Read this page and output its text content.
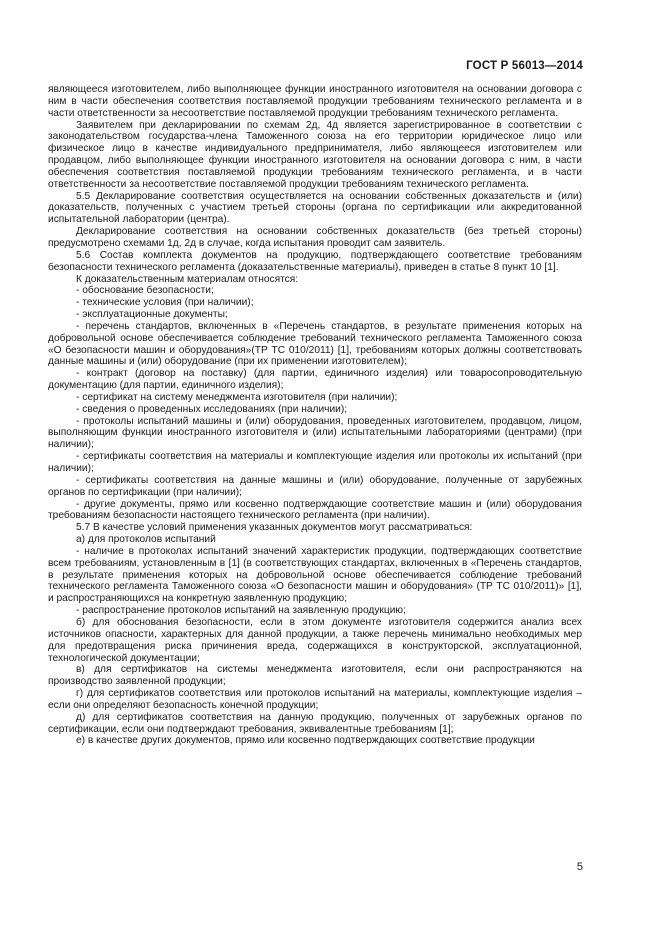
ГОСТ Р 56013—2014

являющееся изготовителем, либо выполняющее функции иностранного изготовителя на основании договора с ним в части обеспечения соответствия поставляемой продукции требованиям технического регламента и в части ответственности за несоответствие поставляемой продукции требованиям технического регламента.

Заявителем при декларировании по схемам 2д, 4д является зарегистрированное в соответствии с законодательством государства-члена Таможенного союза на его территории юридическое лицо или физическое лицо в качестве индивидуального предпринимателя, либо являющееся изготовителем или продавцом, либо выполняющее функции иностранного изготовителя на основании договора с ним, в части обеспечения соответствия поставляемой продукции требованиям технического регламента, и в части ответственности за несоответствие поставляемой продукции требованиям технического регламента.

5.5 Декларирование соответствия осуществляется на основании собственных доказательств и (или) доказательств, полученных с участием третьей стороны (органа по сертификации или аккредитованной испытательной лаборатории (центра).

Декларирование соответствия на основании собственных доказательств (без третьей стороны) предусмотрено схемами 1д, 2д в случае, когда испытания проводит сам заявитель.

5.6 Состав комплекта документов на продукцию, подтверждающего соответствие требованиям безопасности технического регламента (доказательственные материалы), приведен в статье 8 пункт 10 [1].

К доказательственным материалам относятся:

- обоснование безопасности;

- технические условия (при наличии);

- эксплуатационные документы;

- перечень стандартов, включенных в «Перечень стандартов, в результате применения которых на добровольной основе обеспечивается соблюдение требований технического регламента Таможенного союза «О безопасности машин и оборудования»(ТР ТС 010/2011) [1], требованиям которых должны соответствовать данные машины и (или) оборудование (при их применении изготовителем);

- контракт (договор на поставку) (для партии, единичного изделия) или товаросопроводительную документацию (для партии, единичного изделия);

- сертификат на систему менеджмента изготовителя (при наличии);

- сведения о проведенных исследованиях (при наличии);

- протоколы испытаний машины и (или) оборудования, проведенных изготовителем, продавцом, лицом, выполняющим функции иностранного изготовителя и (или) испытательными лабораториями (центрами) (при наличии);

- сертификаты соответствия на материалы и комплектующие изделия или протоколы их испытаний (при наличии);

- сертификаты соответствия на данные машины и (или) оборудование, полученные от зарубежных органов по сертификации (при наличии);

- другие документы, прямо или косвенно подтверждающие соответствие машин и (или) оборудования требованиям безопасности настоящего технического регламента (при наличии).

5.7 В качестве условий применения указанных документов могут рассматриваться:

а) для протоколов испытаний

- наличие в протоколах испытаний значений характеристик продукции, подтверждающих соответствие всем требованиям, установленным в [1] (в соответствующих стандартах, включенных в «Перечень стандартов, в результате применения которых на добровольной основе обеспечивается соблюдение требований технического регламента Таможенного союза «О безопасности машин и оборудования» (ТР ТС 010/2011)» [1], и распространяющихся на конкретную заявленную продукцию;

- распространение протоколов испытаний на заявленную продукцию;

б) для обоснования безопасности, если в этом документе изготовителя содержится анализ всех источников опасности, характерных для данной продукции, а также перечень минимально необходимых мер для предотвращения риска причинения вреда, содержащихся в конструкторской, эксплуатационной, технологической документации;

в) для сертификатов на системы менеджмента изготовителя, если они распространяются на производство заявленной продукции;

г) для сертификатов соответствия или протоколов испытаний на материалы, комплектующие изделия – если они определяют безопасность конечной продукции;

д) для сертификатов соответствия на данную продукцию, полученных от зарубежных органов по сертификации, если они подтверждают требования, эквивалентные требованиям [1];

е) в качестве других документов, прямо или косвенно подтверждающих соответствие продукции

5
